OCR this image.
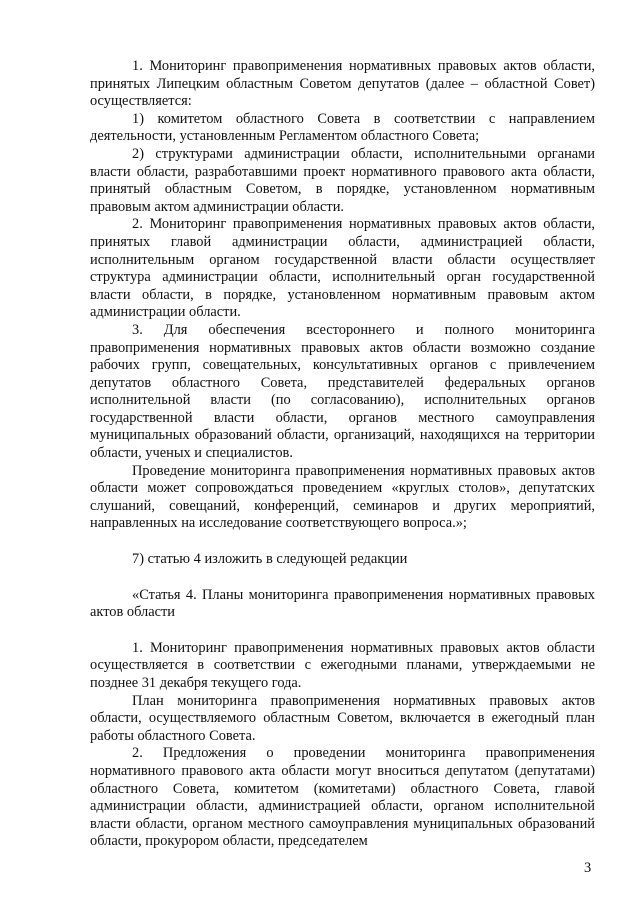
1. Мониторинг правоприменения нормативных правовых актов области, принятых Липецким областным Советом депутатов (далее – областной Совет) осуществляется:

1) комитетом областного Совета в соответствии с направлением деятельности, установленным Регламентом областного Совета;

2) структурами администрации области, исполнительными органами власти области, разработавшими проект нормативного правового акта области, принятый областным Советом, в порядке, установленном нормативным правовым актом администрации области.

2. Мониторинг правоприменения нормативных правовых актов области, принятых главой администрации области, администрацией области, исполнительным органом государственной власти области осуществляет структура администрации области, исполнительный орган государственной власти области, в порядке, установленном нормативным правовым актом администрации области.

3. Для обеспечения всестороннего и полного мониторинга правоприменения нормативных правовых актов области возможно создание рабочих групп, совещательных, консультативных органов с привлечением депутатов областного Совета, представителей федеральных органов исполнительной власти (по согласованию), исполнительных органов государственной власти области, органов местного самоуправления муниципальных образований области, организаций, находящихся на территории области, ученых и специалистов.

Проведение мониторинга правоприменения нормативных правовых актов области может сопровождаться проведением «круглых столов», депутатских слушаний, совещаний, конференций, семинаров и других мероприятий, направленных на исследование соответствующего вопроса.»;

7) статью 4 изложить в следующей редакции

«Статья 4. Планы мониторинга правоприменения нормативных правовых актов области

1. Мониторинг правоприменения нормативных правовых актов области осуществляется в соответствии с ежегодными планами, утверждаемыми не позднее 31 декабря текущего года.

План мониторинга правоприменения нормативных правовых актов области, осуществляемого областным Советом, включается в ежегодный план работы областного Совета.

2. Предложения о проведении мониторинга правоприменения нормативного правового акта области могут вноситься депутатом (депутатами) областного Совета, комитетом (комитетами) областного Совета, главой администрации области, администрацией области, органом исполнительной власти области, органом местного самоуправления муниципальных образований области, прокурором области, председателем

3
